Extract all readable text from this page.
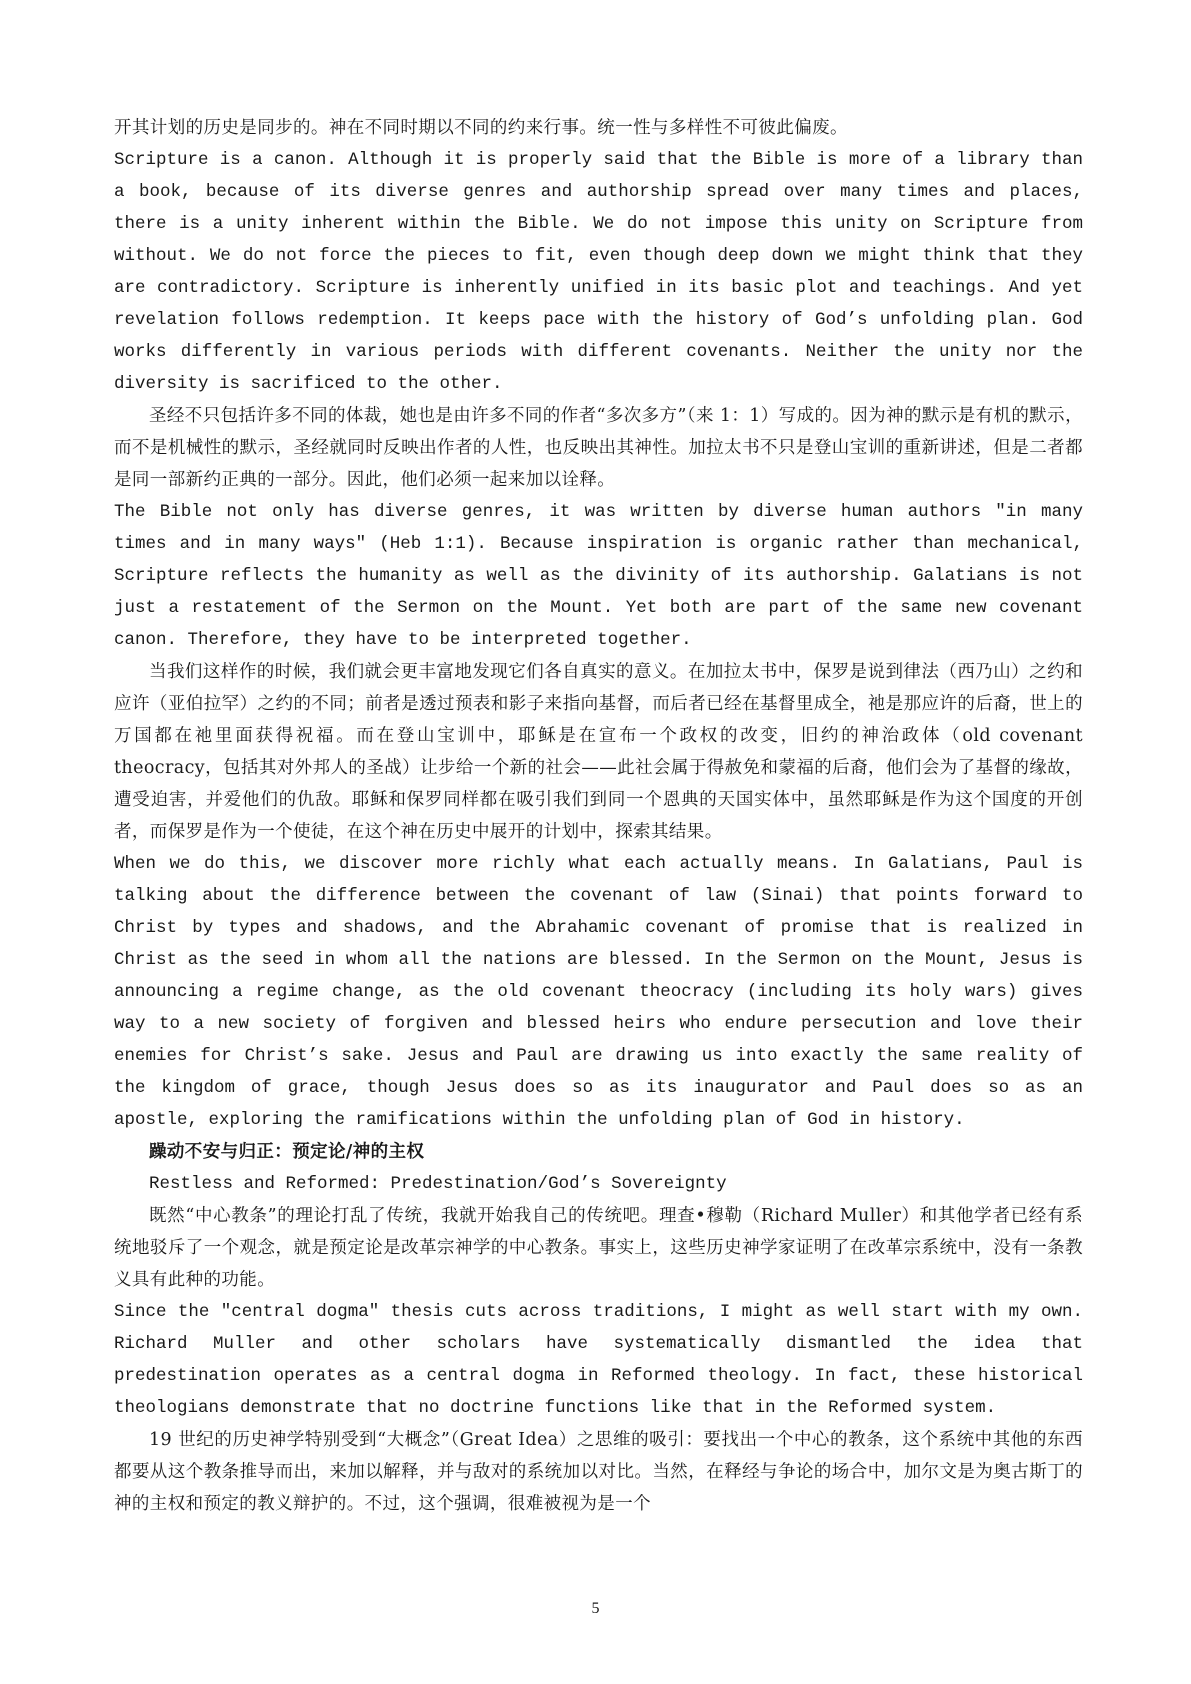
开其计划的历史是同步的。神在不同时期以不同的约来行事。统一性与多样性不可彼此偏废。

Scripture is a canon. Although it is properly said that the Bible is more of a library than a book, because of its diverse genres and authorship spread over many times and places, there is a unity inherent within the Bible. We do not impose this unity on Scripture from without. We do not force the pieces to fit, even though deep down we might think that they are contradictory. Scripture is inherently unified in its basic plot and teachings. And yet revelation follows redemption. It keeps pace with the history of God’s unfolding plan. God works differently in various periods with different covenants. Neither the unity nor the diversity is sacrificed to the other.

圣经不只包括许多不同的体裁，她也是由许多不同的作者“多次多方”（来 1：1）写成的。因为神的默示是有机的默示，而不是机械性的默示，圣经就同时反映出作者的人性，也反映出其神性。加拉太书不只是登山宝训的重新讲述，但是二者都是同一部新约正典的一部分。因此，他们必须一起来加以诠释。

The Bible not only has diverse genres, it was written by diverse human authors ″in many times and in many ways″ (Heb 1:1). Because inspiration is organic rather than mechanical, Scripture reflects the humanity as well as the divinity of its authorship. Galatians is not just a restatement of the Sermon on the Mount. Yet both are part of the same new covenant canon. Therefore, they have to be interpreted together.

当我们这样作的时候，我们就会更丰富地发现它们各自真实的意义。在加拉太书中，保罗是说到律法（西乃山）之约和应许（亚伯拉罕）之约的不同；前者是透过预表和影子来指向基督，而后者已经在基督里成全，祂是那应许的后裔，世上的万国都在祂里面获得祝福。而在登山宝训中，耶稣是在宣布一个政权的改变，旧约的神治政体（old covenant theocracy，包括其对外邦人的圣战）让步给一个新的社会——此社会属于得赦免和蒙福的后裔，他们会为了基督的缘故，遭受迫害，并爱他们的仇敌。耶稣和保罗同样都在吸引我们到同一个恩典的天国实体中，虽然耶稣是作为这个国度的开创者，而保罗是作为一个使徒，在这个神在历史中展开的计划中，探索其结果。

When we do this, we discover more richly what each actually means. In Galatians, Paul is talking about the difference between the covenant of law (Sinai) that points forward to Christ by types and shadows, and the Abrahamic covenant of promise that is realized in Christ as the seed in whom all the nations are blessed. In the Sermon on the Mount, Jesus is announcing a regime change, as the old covenant theocracy (including its holy wars) gives way to a new society of forgiven and blessed heirs who endure persecution and love their enemies for Christ’s sake. Jesus and Paul are drawing us into exactly the same reality of the kingdom of grace, though Jesus does so as its inaugurator and Paul does so as an apostle, exploring the ramifications within the unfolding plan of God in history.

躁动不安与归正：预定论/神的主权

Restless and Reformed: Predestination/God’s Sovereignty

既然“中心教条”的理论打乱了传统，我就开始我自己的传统吧。理查•穆勒（Richard Muller）和其他学者已经有系统地驳斥了一个观念，就是预定论是改革宗神学的中心教条。事实上，这些历史神学家证明了在改革宗系统中，没有一条教义具有此种的功能。

Since the ″central dogma″ thesis cuts across traditions, I might as well start with my own. Richard Muller and other scholars have systematically dismantled the idea that predestination operates as a central dogma in Reformed theology. In fact, these historical theologians demonstrate that no doctrine functions like that in the Reformed system.

19 世纪的历史神学特别受到“大概念”（Great Idea）之思维的吸引：要找出一个中心的教条，这个系统中其他的东西都要从这个教条推导而出，来加以解释，并与敌对的系统加以对比。当然，在释经与争论的场合中，加尔文是为奥古斯丁的神的主权和预定的教义辩护的。不过，这个强调，很难被视为是一个

5
